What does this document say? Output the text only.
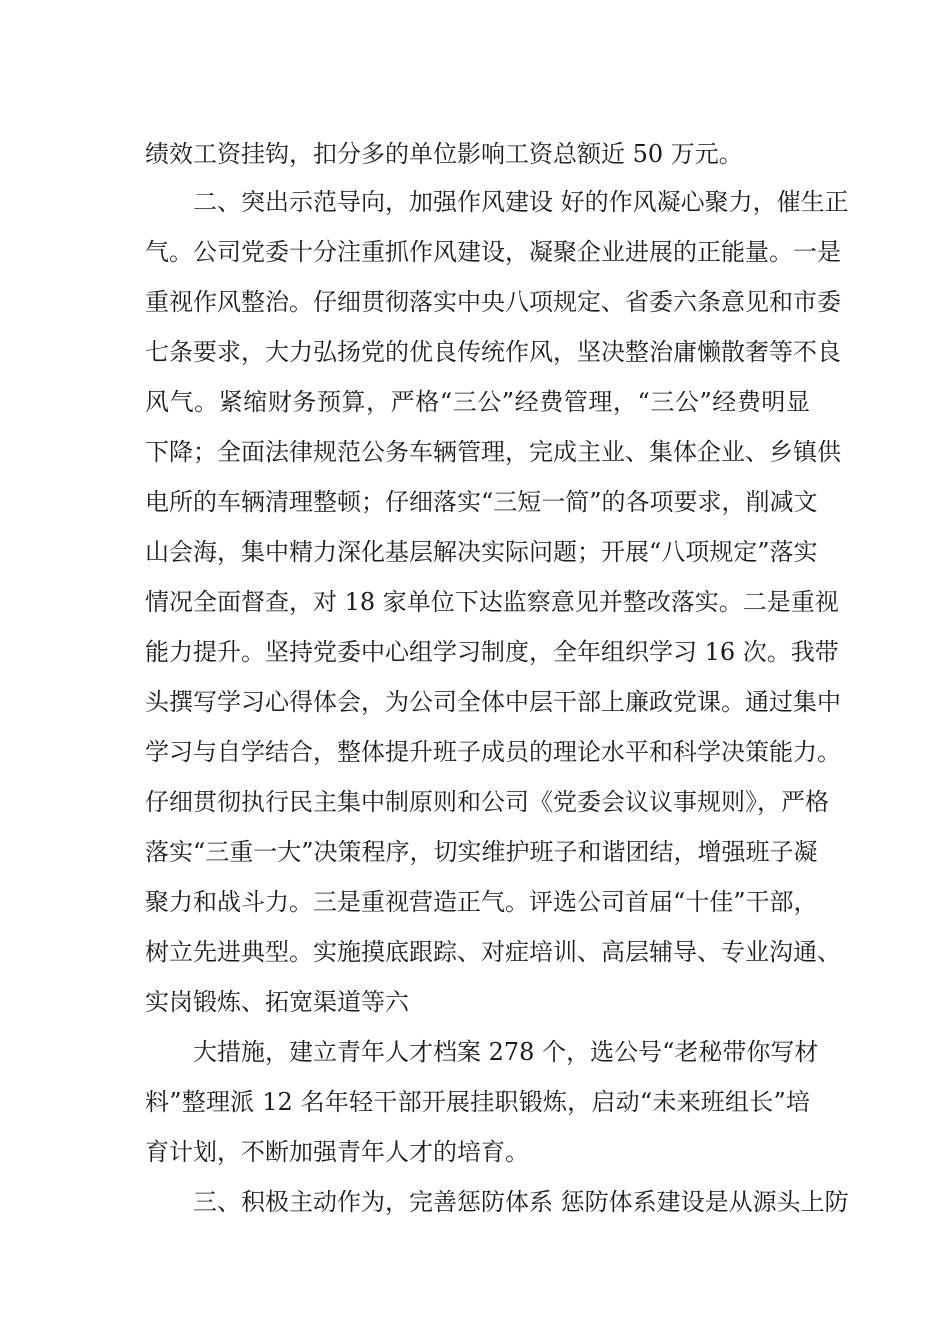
绩效工资挂钩，扣分多的单位影响工资总额近 50 万元。
二、突出示范导向，加强作风建设 好的作风凝心聚力，催生正
气。公司党委十分注重抓作风建设，凝聚企业进展的正能量。一是
重视作风整治。仔细贯彻落实中央八项规定、省委六条意见和市委
七条要求，大力弘扬党的优良传统作风，坚决整治庸懒散奢等不良
风气。紧缩财务预算，严格“三公”经费管理，“三公”经费明显
下降；全面法律规范公务车辆管理，完成主业、集体企业、乡镇供
电所的车辆清理整顿；仔细落实“三短一简”的各项要求，削减文
山会海，集中精力深化基层解决实际问题；开展“八项规定”落实
情况全面督查，对 18 家单位下达监察意见并整改落实。二是重视
能力提升。坚持党委中心组学习制度，全年组织学习 16 次。我带
头撰写学习心得体会，为公司全体中层干部上廉政党课。通过集中
学习与自学结合，整体提升班子成员的理论水平和科学决策能力。
仔细贯彻执行民主集中制原则和公司《党委会议议事规则》，严格
落实“三重一大”决策程序，切实维护班子和谐团结，增强班子凝
聚力和战斗力。三是重视营造正气。评选公司首届“十佳”干部，
树立先进典型。实施摸底跟踪、对症培训、高层辅导、专业沟通、
实岗锻炼、拓宽渠道等六
大措施，建立青年人才档案 278 个，选公号“老秘带你写材
料”整理派 12 名年轻干部开展挂职锻炼，启动“未来班组长”培
育计划，不断加强青年人才的培育。
三、积极主动作为，完善惩防体系 惩防体系建设是从源头上防
